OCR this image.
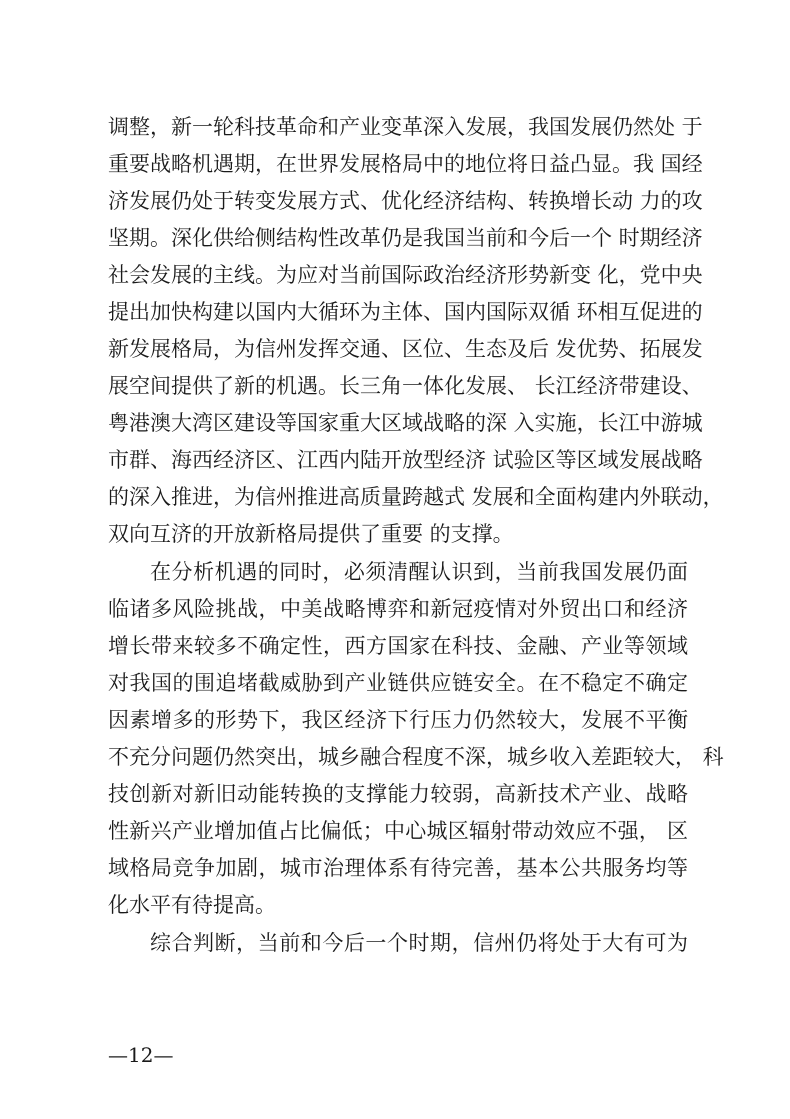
调整，新一轮科技革命和产业变革深入发展，我国发展仍然处 于
重要战略机遇期，在世界发展格局中的地位将日益凸显。我 国经
济发展仍处于转变发展方式、优化经济结构、转换增长动 力的攻
坚期。深化供给侧结构性改革仍是我国当前和今后一个 时期经济
社会发展的主线。为应对当前国际政治经济形势新变 化，党中央
提出加快构建以国内大循环为主体、国内国际双循 环相互促进的
新发展格局，为信州发挥交通、区位、生态及后 发优势、拓展发
展空间提供了新的机遇。长三角一体化发展、 长江经济带建设、
粤港澳大湾区建设等国家重大区域战略的深 入实施，长江中游城
市群、海西经济区、江西内陆开放型经济 试验区等区域发展战略
的深入推进，为信州推进高质量跨越式 发展和全面构建内外联动，
双向互济的开放新格局提供了重要 的支撑。
在分析机遇的同时，必须清醒认识到，当前我国发展仍面
临诸多风险挑战，中美战略博弈和新冠疫情对外贸出口和经济
增长带来较多不确定性，西方国家在科技、金融、产业等领域
对我国的围追堵截威胁到产业链供应链安全。在不稳定不确定
因素增多的形势下，我区经济下行压力仍然较大，发展不平衡
不充分问题仍然突出，城乡融合程度不深，城乡收入差距较大， 科
技创新对新旧动能转换的支撑能力较弱，高新技术产业、战略
性新兴产业增加值占比偏低；中心城区辐射带动效应不强， 区
域格局竞争加剧，城市治理体系有待完善，基本公共服务均等
化水平有待提高。
综合判断，当前和今后一个时期，信州仍将处于大有可为
—12—
